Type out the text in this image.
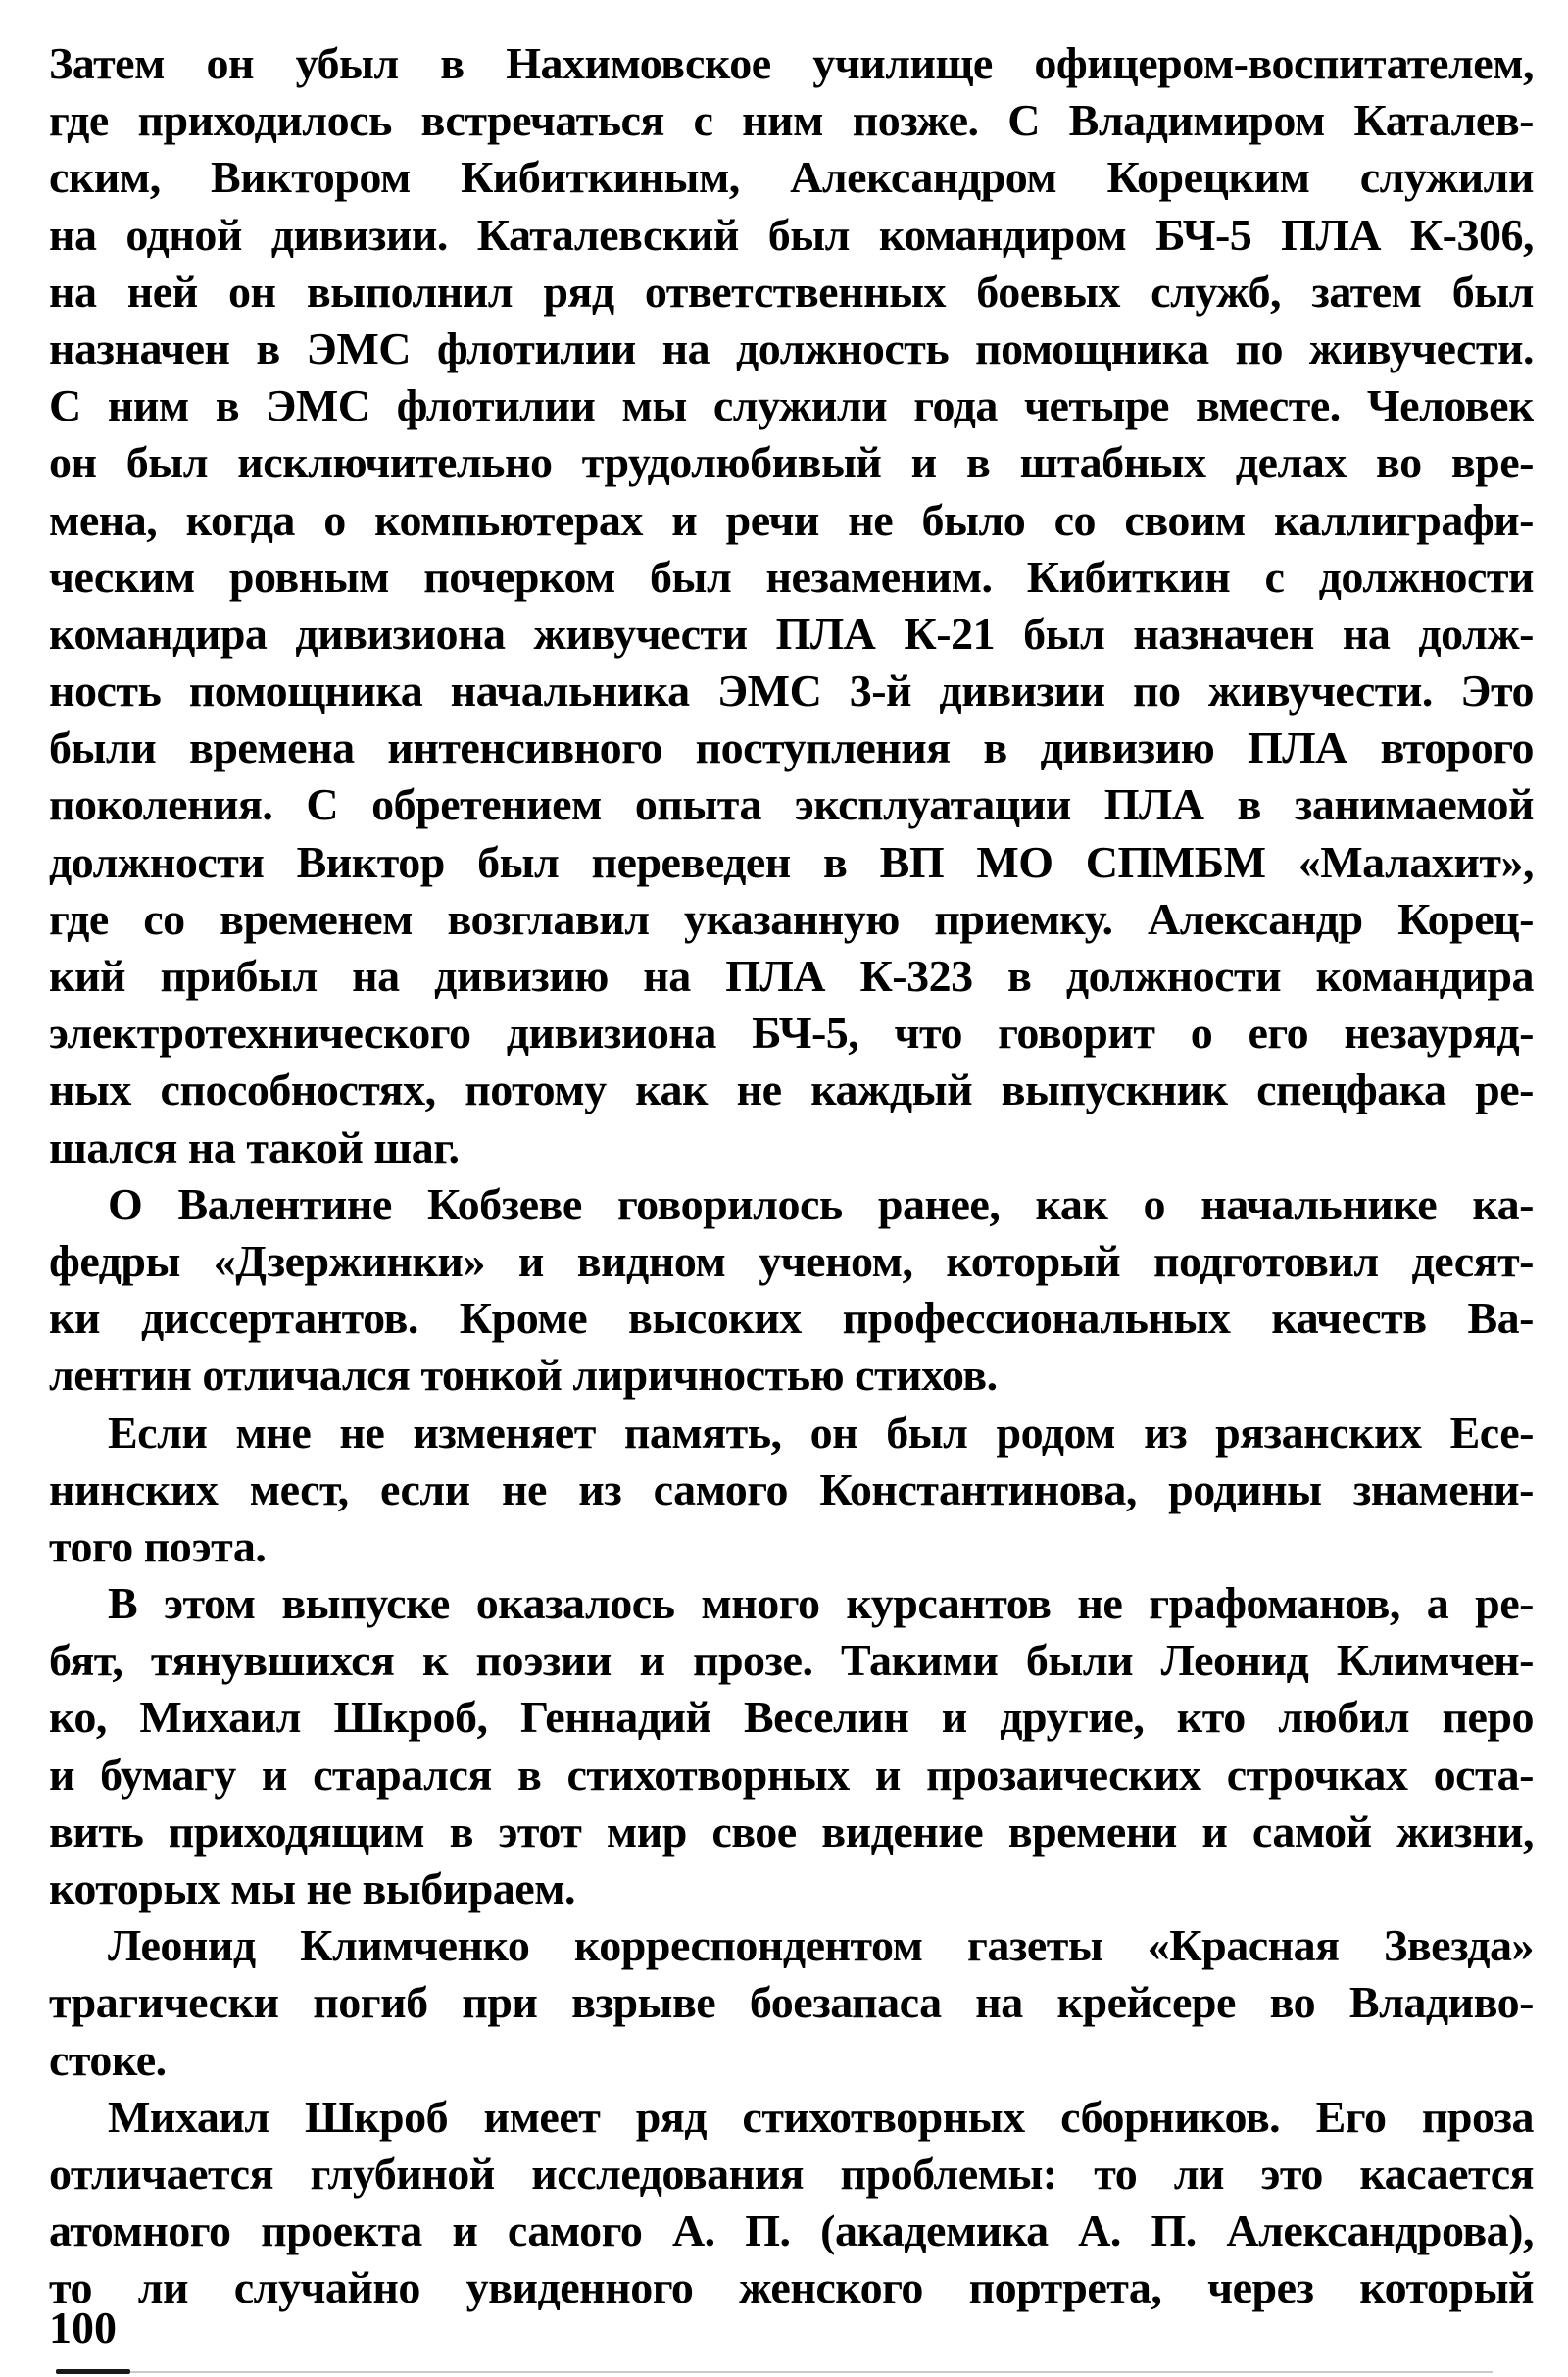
Затем он убыл в Нахимовское училище офицером-воспитателем,
где приходилось встречаться с ним позже. С Владимиром Каталев-
ским, Виктором Кибиткиным, Александром Корецким служили
на одной дивизии. Каталевский был командиром БЧ-5 ПЛА К-306,
на ней он выполнил ряд ответственных боевых служб, затем был
назначен в ЭМС флотилии на должность помощника по живучести.
С ним в ЭМС флотилии мы служили года четыре вместе. Человек
он был исключительно трудолюбивый и в штабных делах во вре-
мена, когда о компьютерах и речи не было со своим каллиграфи-
ческим ровным почерком был незаменим. Кибиткин с должности
командира дивизиона живучести ПЛА К-21 был назначен на долж-
ность помощника начальника ЭМС 3-й дивизии по живучести. Это
были времена интенсивного поступления в дивизию ПЛА второго
поколения. С обретением опыта эксплуатации ПЛА в занимаемой
должности Виктор был переведен в ВП МО СПМБМ «Малахит»,
где со временем возглавил указанную приемку. Александр Корец-
кий прибыл на дивизию на ПЛА К-323 в должности командира
электротехнического дивизиона БЧ-5, что говорит о его незауряд-
ных способностях, потому как не каждый выпускник спецфака ре-
шался на такой шаг.
О Валентине Кобзеве говорилось ранее, как о начальнике ка-
федры «Дзержинки» и видном ученом, который подготовил десят-
ки диссертантов. Кроме высоких профессиональных качеств Ва-
лентин отличался тонкой лиричностью стихов.
Если мне не изменяет память, он был родом из рязанских Есе-
нинских мест, если не из самого Константинова, родины знамени-
того поэта.
В этом выпуске оказалось много курсантов не графоманов, а ре-
бят, тянувшихся к поэзии и прозе. Такими были Леонид Климчен-
ко, Михаил Шкроб, Геннадий Веселин и другие, кто любил перо
и бумагу и старался в стихотворных и прозаических строчках оста-
вить приходящим в этот мир свое видение времени и самой жизни,
которых мы не выбираем.
Леонид Климченко корреспондентом газеты «Красная Звезда»
трагически погиб при взрыве боезапаса на крейсере во Владиво-
стоке.
Михаил Шкроб имеет ряд стихотворных сборников. Его проза
отличается глубиной исследования проблемы: то ли это касается
атомного проекта и самого А. П. (академика А. П. Александрова),
то ли случайно увиденного женского портрета, через который
100
